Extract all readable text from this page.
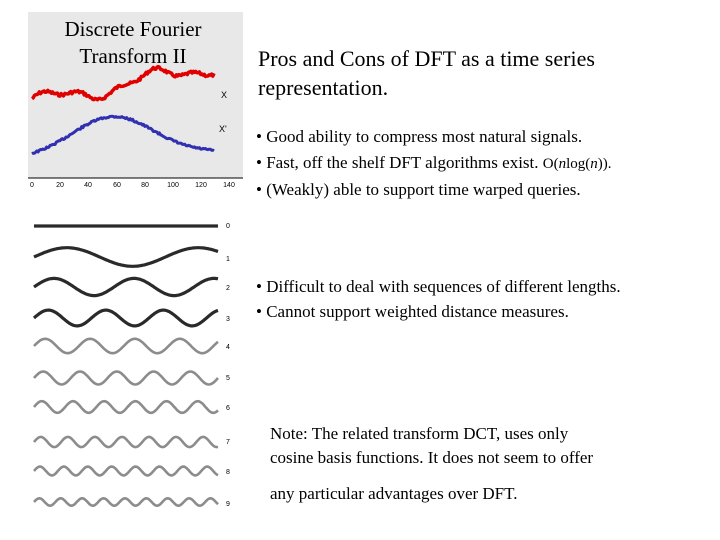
0	20	40	60	80	100 120 140
X
X'
0
1
2
3
4
5
6
7
8
9
Discrete Fourier
Transform II	Pros and Cons of DFT as a time series
representation.
• Good ability to compress most natural signals.
• Fast, off the shelf DFT algorithms exist. O(nlog(n)).
• (Weakly) able to support time warped queries.
• Difficult to deal with sequences of different lengths.
• Cannot support weighted distance measures.
Note: The related transform DCT, uses only
cosine basis functions. It does not seem to offer
any particular advantages over DFT.
